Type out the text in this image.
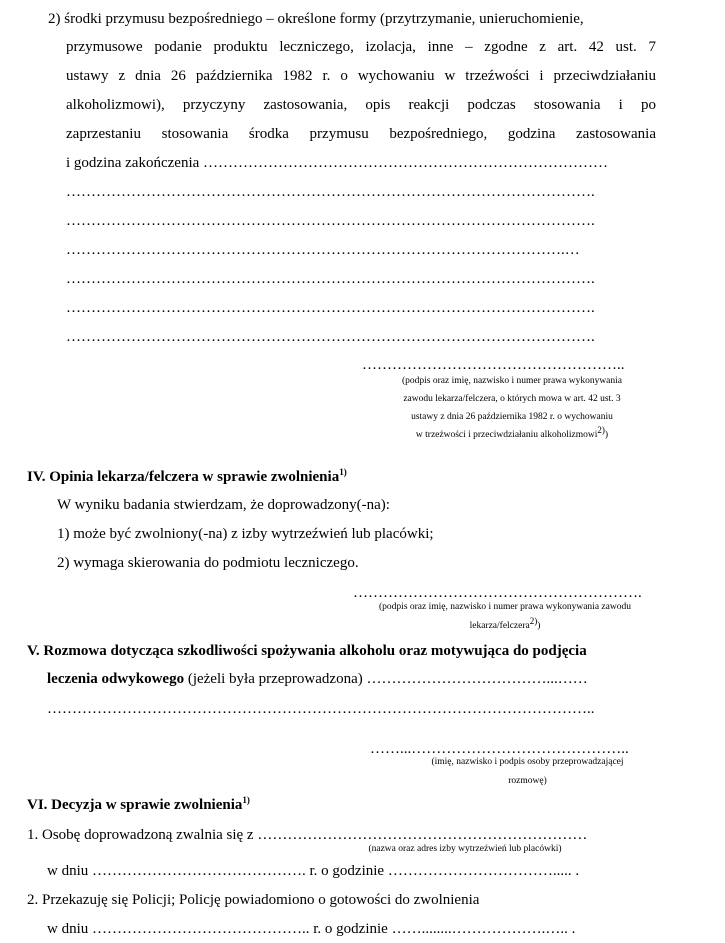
2) środki przymusu bezpośredniego – określone formy (przytrzymanie, unieruchomienie,
przymusowe podanie produktu leczniczego, izolacja, inne – zgodne z art. 42 ust. 7
ustawy z dnia 26 października 1982 r. o wychowaniu w trzeźwości i przeciwdziałaniu
alkoholizmowi), przyczyny zastosowania, opis reakcji podczas stosowania i po
zaprzestaniu stosowania środka przymusu bezpośredniego, godzina zastosowania
i godzina zakończenia ………………………………………………………………………
…………………………………………………………………………………………….
…………………………………………………………………………………………….
……………………………………………………………………………………….…
…………………………………………………………………………………………….
…………………………………………………………………………………………….
…………………………………………………………………………………………….
……………………………………………..
(podpis oraz imię, nazwisko i numer prawa wykonywania
zawodu lekarza/felczera, o których mowa w art. 42 ust. 3
ustawy z dnia 26 października 1982 r. o wychowaniu
w trzeźwości i przeciwdziałaniu alkoholizmowi$^{2)}$)
IV. Opinia lekarza/felczera w sprawie zwolnienia$^{1)}$
W wyniku badania stwierdzam, że doprowadzony(-na):
1) może być zwolniony(-na) z izby wytrzeźwień lub placówki;
2) wymaga skierowania do podmiotu leczniczego.
………………………………………………….
(podpis oraz imię, nazwisko i numer prawa wykonywania zawodu
lekarza/felczera$^{2)}$)
V. Rozmowa dotycząca szkodliwości spożywania alkoholu oraz motywująca do podjęcia
leczenia odwykowego (jeżeli była przeprowadzona) ………………………………...……
………………………………………………………………………………………………..
……...……………………………………..
(imię, nazwisko i podpis osoby przeprowadzającej
rozmowę)
VI. Decyzja w sprawie zwolnienia$^{1)}$
1. Osobę doprowadzoną zwalnia się z …………………………………………………………
(nazwa oraz adres izby wytrzeźwień lub placówki)
w dniu ……………………………………. r. o godzinie ……………………………..... .
2. Przekazuję się Policji; Policję powiadomiono o gotowości do zwolnienia
w dniu …………………………………….. r. o godzinie ……........……………….….. .
